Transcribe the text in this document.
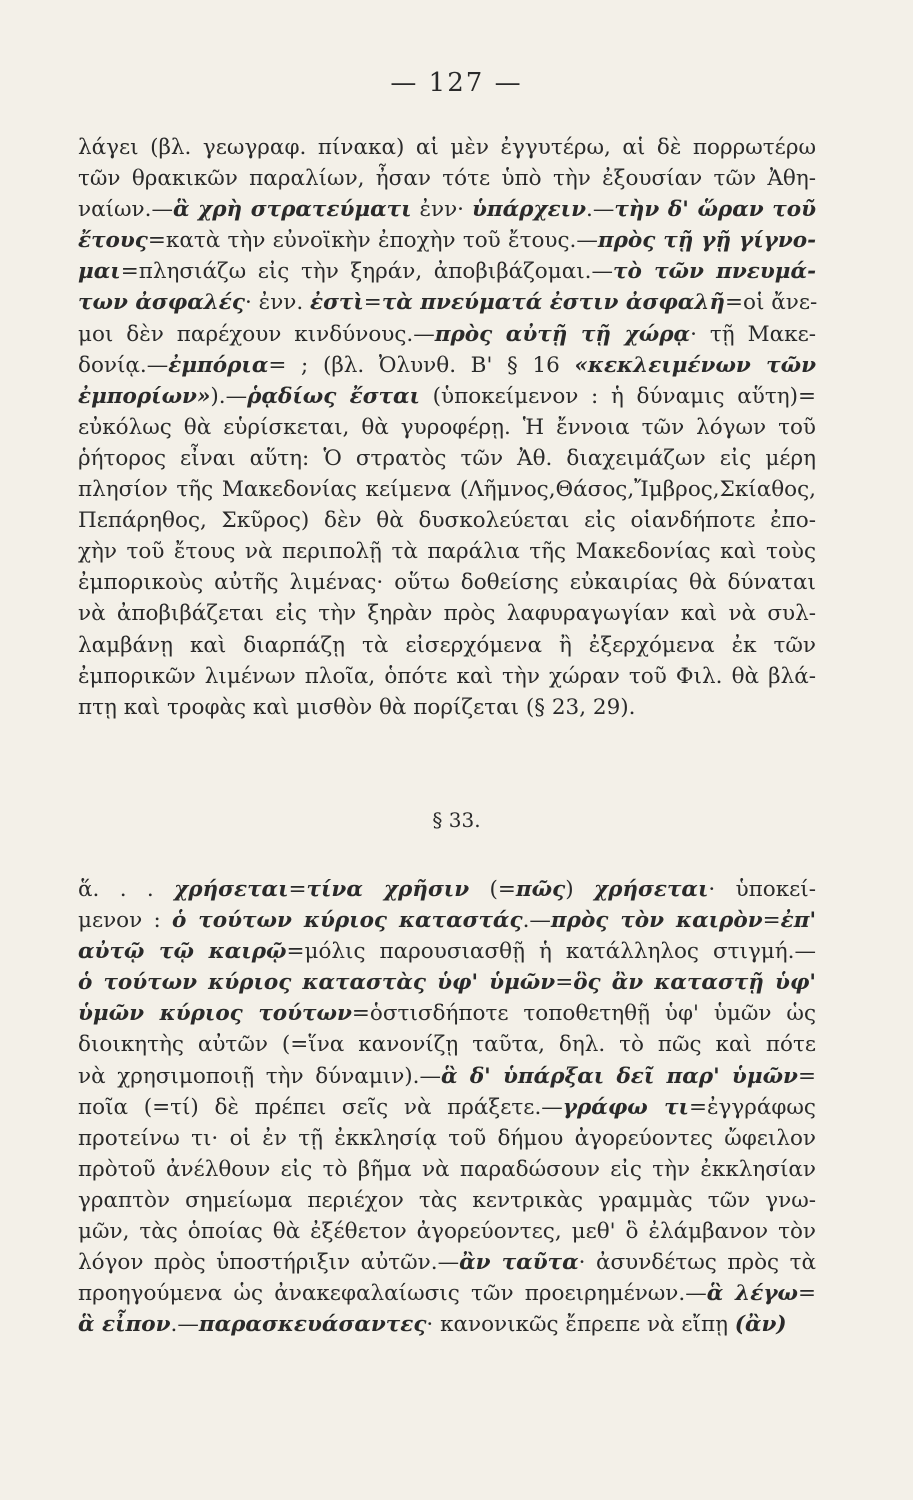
— 127 —
λάγει (βλ. γεωγραφ. πίνακα) αἱ μὲν ἐγγυτέρω, αἱ δὲ πορρωτέρω
τῶν θρακικῶν παραλίων, ἦσαν τότε ὑπὸ τὴν ἐξουσίαν τῶν Ἀθη-
ναίων.—ἃ χρὴ στρατεύματι ἐνν· ὑπάρχειν.—τὴν δ' ὥραν τοῦ
ἔτους=κατὰ τὴν εὐνοϊκὴν ἐποχὴν τοῦ ἔτους.—πρὸς τῇ γῇ γίγνο-
μαι=πλησιάζω εἰς τὴν ξηράν, ἀποβιβάζομαι.—τὸ τῶν πνευμά-
των ἀσφαλές· ἐνν. ἐστὶ=τὰ πνεύματά ἐστιν ἀσφαλῆ=οἱ ἄνε-
μοι δὲν παρέχουν κινδύνους.—πρὸς αὐτῇ τῇ χώρᾳ· τῇ Μακε-
δονίᾳ.—ἐμπόρια= ; (βλ. Ὀλυνθ. Β' § 16 «κεκλειμένων τῶν
ἐμπορίων»).—ῥᾳδίως ἔσται (ὑποκείμενον : ἡ δύναμις αὕτη)=
εὐκόλως θὰ εὑρίσκεται, θὰ γυροφέρῃ. Ἡ ἔννοια τῶν λόγων τοῦ
ῥήτορος εἶναι αὕτη: Ὁ στρατὸς τῶν Ἀθ. διαχειμάζων εἰς μέρη
πλησίον τῆς Μακεδονίας κείμενα (Λῆμνος,Θάσος,Ἴμβρος,Σκίαθος,
Πεπάρηθος, Σκῦρος) δὲν θὰ δυσκολεύεται εἰς οἱανδήποτε ἐπο-
χὴν τοῦ ἔτους νὰ περιπολῇ τὰ παράλια τῆς Μακεδονίας καὶ τοὺς
ἐμπορικοὺς αὐτῆς λιμένας· οὕτω δοθείσης εὐκαιρίας θὰ δύναται
νὰ ἀποβιβάζεται εἰς τὴν ξηρὰν πρὸς λαφυραγωγίαν καὶ νὰ συλ-
λαμβάνῃ καὶ διαρπάζῃ τὰ εἰσερχόμενα ἢ ἐξερχόμενα ἐκ τῶν
ἐμπορικῶν λιμένων πλοῖα, ὁπότε καὶ τὴν χώραν τοῦ Φιλ. θὰ βλά-
πτῃ καὶ τροφὰς καὶ μισθὸν θὰ πορίζεται (§ 23, 29).
§ 33.
ἅ. . . χρήσεται=τίνα χρῆσιν (=πῶς) χρήσεται· ὑποκεί-
μενον : ὁ τούτων κύριος καταστάς.—πρὸς τὸν καιρὸν=ἐπ'
αὐτῷ τῷ καιρῷ=μόλις παρουσιασθῇ ἡ κατάλληλος στιγμή.—
ὁ τούτων κύριος καταστὰς ὑφ' ὑμῶν=ὃς ἂν καταστῇ ὑφ'
ὑμῶν κύριος τούτων=ὁστισδήποτε τοποθετηθῇ ὑφ' ὑμῶν ὡς
διοικητὴς αὐτῶν (=ἵνα κανονίζῃ ταῦτα, δηλ. τὸ πῶς καὶ πότε
νὰ χρησιμοποιῇ τὴν δύναμιν).—ἃ δ' ὑπάρξαι δεῖ παρ' ὑμῶν=
ποῖα (=τί) δὲ πρέπει σεῖς νὰ πράξετε.—γράφω τι=ἐγγράφως
προτείνω τι· οἱ ἐν τῇ ἐκκλησίᾳ τοῦ δήμου ἀγορεύοντες ὤφειλον
πρὸτοῦ ἀνέλθουν εἰς τὸ βῆμα νὰ παραδώσουν εἰς τὴν ἐκκλησίαν
γραπτὸν σημείωμα περιέχον τὰς κεντρικὰς γραμμὰς τῶν γνω-
μῶν, τὰς ὁποίας θὰ ἐξέθετον ἀγορεύοντες, μεθ' ὃ ἐλάμβανον τὸν
λόγον πρὸς ὑποστήριξιν αὐτῶν.—ἂν ταῦτα· ἀσυνδέτως πρὸς τὰ
προηγούμενα ὡς ἀνακεφαλαίωσις τῶν προειρημένων.—ἃ λέγω=
ἃ εἶπον.—παρασκευάσαντες· κανονικῶς ἔπρεπε νὰ εἴπῃ (ἂν)
